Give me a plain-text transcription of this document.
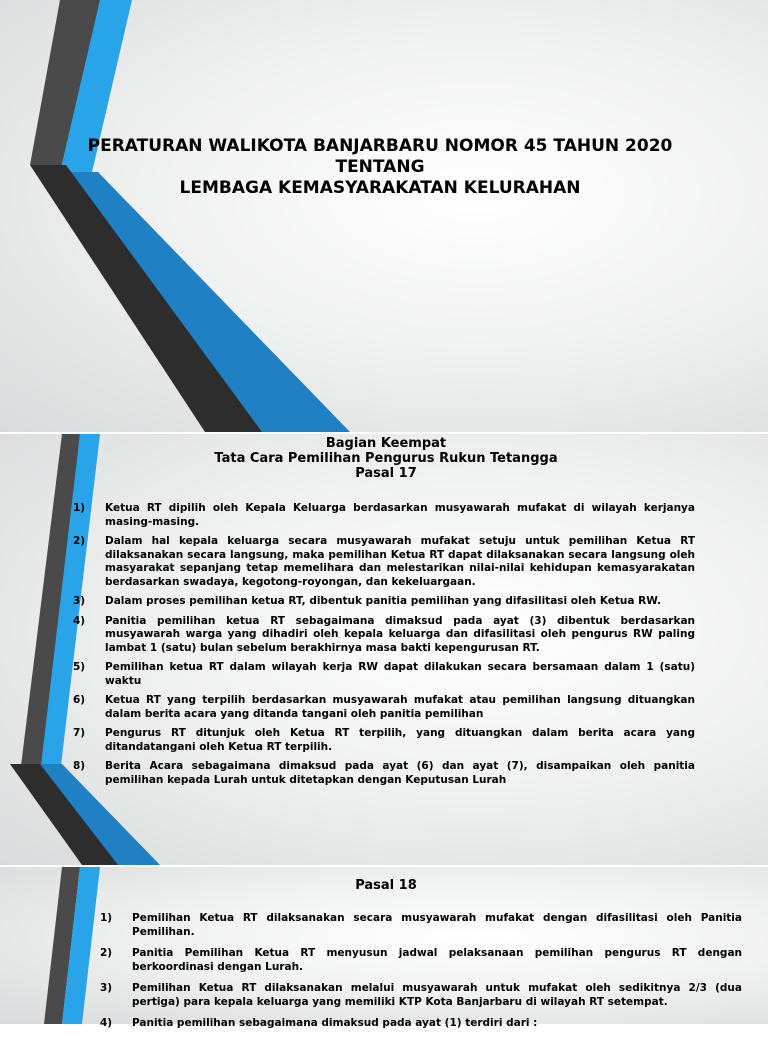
PERATURAN WALIKOTA BANJARBARU NOMOR 45 TAHUN 2020
TENTANG
LEMBAGA KEMASYARAKATAN KELURAHAN
Bagian Keempat
Tata Cara Pemilihan Pengurus Rukun Tetangga
Pasal 17
1)	Ketua RT dipilih oleh Kepala Keluarga berdasarkan musyawarah mufakat di wilayah kerjanya masing-masing.
2)	Dalam hal kepala keluarga secara musyawarah mufakat setuju untuk pemilihan Ketua RT dilaksanakan secara langsung, maka pemilihan Ketua RT dapat dilaksanakan secara langsung oleh masyarakat sepanjang tetap memelihara dan melestarikan nilai-nilai kehidupan kemasyarakatan berdasarkan swadaya, kegotong-royongan, dan kekeluargaan.
3)	Dalam proses pemilihan ketua RT, dibentuk panitia pemilihan yang difasilitasi oleh Ketua RW.
4)	Panitia pemilihan ketua RT sebagaimana dimaksud pada ayat (3) dibentuk berdasarkan musyawarah warga yang dihadiri oleh kepala keluarga dan difasilitasi oleh pengurus RW paling lambat 1 (satu) bulan sebelum berakhirnya masa bakti kepengurusan RT.
5)	Pemilihan ketua RT dalam wilayah kerja RW dapat dilakukan secara bersamaan dalam 1 (satu) waktu
6)	Ketua RT yang terpilih berdasarkan musyawarah mufakat atau pemilihan langsung dituangkan dalam berita acara yang ditanda tangani oleh panitia pemilihan
7)	Pengurus RT ditunjuk oleh Ketua RT terpilih, yang dituangkan dalam berita acara yang ditandatangani oleh Ketua RT terpilih.
8)	Berita Acara sebagaimana dimaksud pada ayat (6) dan ayat (7), disampaikan oleh panitia pemilihan kepada Lurah untuk ditetapkan dengan Keputusan Lurah
Pasal 18
1)	Pemilihan Ketua RT dilaksanakan secara musyawarah mufakat dengan difasilitasi oleh Panitia Pemilihan.
2)	Panitia Pemilihan Ketua RT menyusun jadwal pelaksanaan pemilihan pengurus RT dengan berkoordinasi dengan Lurah.
3)	Pemilihan Ketua RT dilaksanakan melalui musyawarah untuk mufakat oleh sedikitnya 2/3 (dua pertiga) para kepala keluarga yang memiliki KTP Kota Banjarbaru di wilayah RT setempat.
4)	Panitia pemilihan sebagaimana dimaksud pada ayat (1) terdiri dari :
